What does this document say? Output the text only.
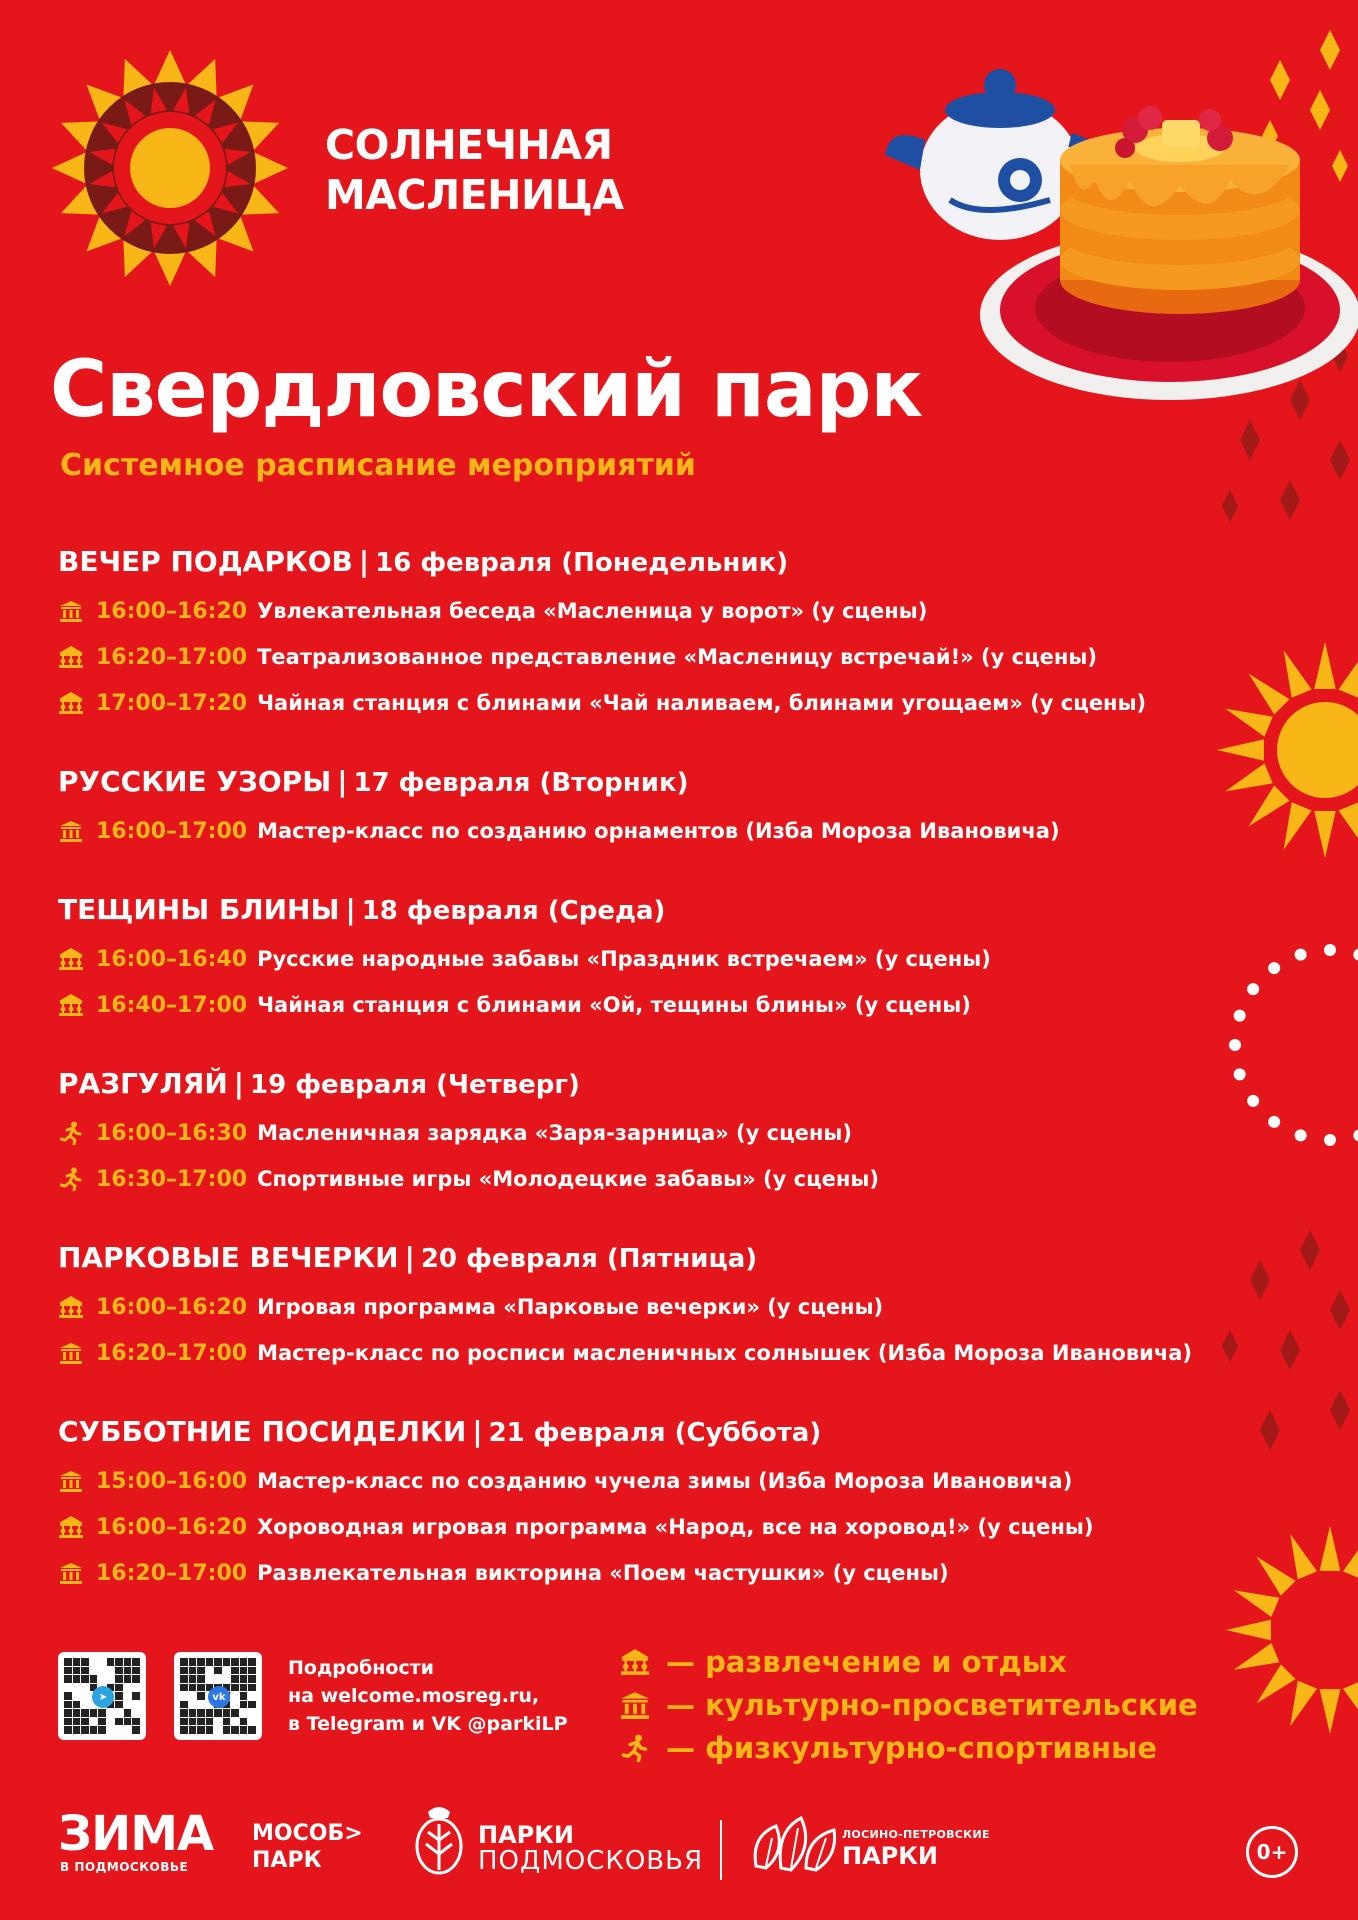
СОЛНЕЧНАЯ
МАСЛЕНИЦА
Свердловский парк
Системное расписание мероприятий
ВЕЧЕР ПОДАРКОВ | 16 февраля (Понедельник)
16:00–16:20 Увлекательная беседа «Масленица у ворот» (у сцены)
16:20–17:00 Театрализованное представление «Масленицу встречай!» (у сцены)
17:00–17:20 Чайная станция с блинами «Чай наливаем, блинами угощаем» (у сцены)
РУССКИЕ УЗОРЫ | 17 февраля (Вторник)
16:00–17:00 Мастер-класс по созданию орнаментов (Изба Мороза Ивановича)
ТЕЩИНЫ БЛИНЫ | 18 февраля (Среда)
16:00–16:40 Русские народные забавы «Праздник встречаем» (у сцены)
16:40–17:00 Чайная станция с блинами «Ой, тещины блины» (у сцены)
РАЗГУЛЯЙ | 19 февраля (Четверг)
16:00–16:30 Масленичная зарядка «Заря-зарница» (у сцены)
16:30–17:00 Спортивные игры «Молодецкие забавы» (у сцены)
ПАРКОВЫЕ ВЕЧЕРКИ | 20 февраля (Пятница)
16:00–16:20 Игровая программа «Парковые вечерки» (у сцены)
16:20–17:00 Мастер-класс по росписи масленичных солнышек (Изба Мороза Ивановича)
СУББОТНИЕ ПОСИДЕЛКИ | 21 февраля (Суббота)
15:00–16:00 Мастер-класс по созданию чучела зимы (Изба Мороза Ивановича)
16:00–16:20 Хороводная игровая программа «Народ, все на хоровод!» (у сцены)
16:20–17:00 Развлекательная викторина «Поем частушки» (у сцены)
➤	vk
Подробности
на welcome.mosreg.ru,
в Telegram и VK @parkiLP
— развлечение и отдых
— культурно-просветительские
— физкультурно-спортивные
ЗИМА
В ПОДМОСКОВЬЕ
МОСОБ>
ПАРК
ПАРКИ
ПОДМОСКОВЬЯ
ЛОСИНО-ПЕТРОВСКИЕ
ПАРКИ	0+
